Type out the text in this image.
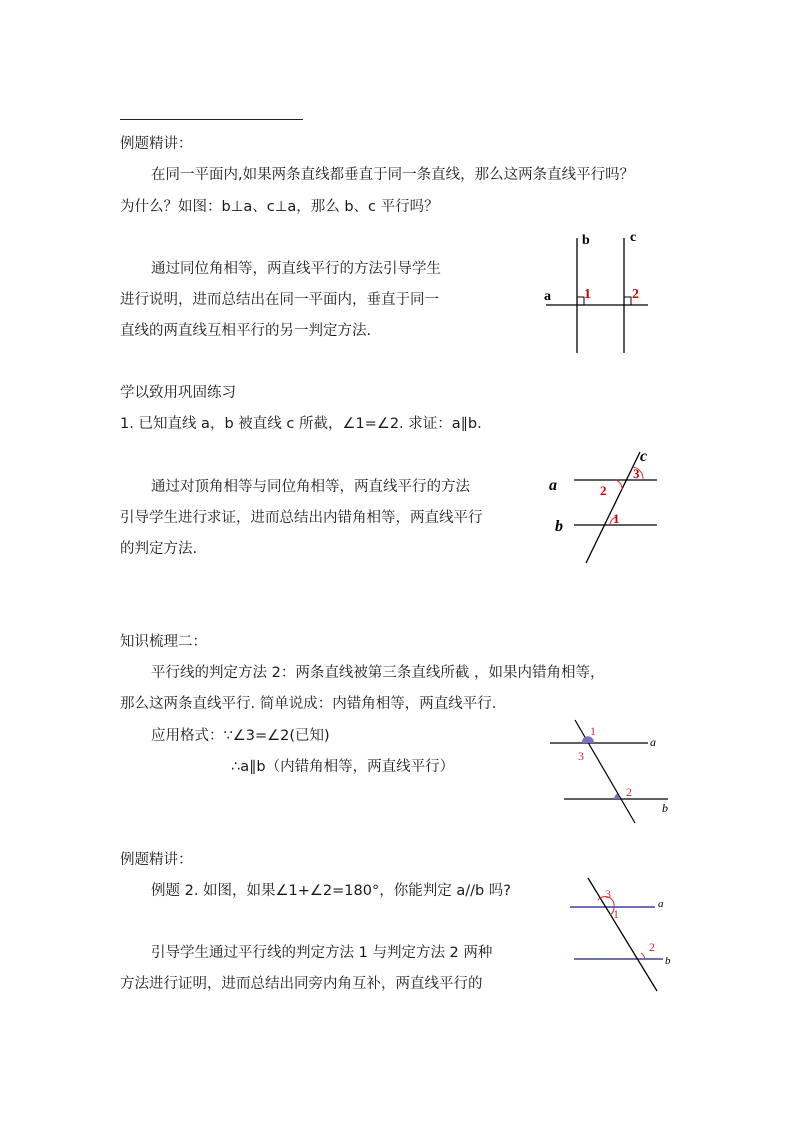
例题精讲：
在同一平面内,如果两条直线都垂直于同一条直线，那么这两条直线平行吗？
为什么？如图：b⊥a、c⊥a，那么 b、c 平行吗？
通过同位角相等，两直线平行的方法引导学生
进行说明，进而总结出在同一平面内，垂直于同一
直线的两直线互相平行的另一判定方法.
b	c
a 1	2
学以致用巩固练习
1. 已知直线 a，b 被直线 c 所截，∠1=∠2. 求证：a∥b.
通过对顶角相等与同位角相等，两直线平行的方法
引导学生进行求证，进而总结出内错角相等，两直线平行
的判定方法.
c
3
a	2
b	1
知识梳理二：
平行线的判定方法 2：两条直线被第三条直线所截 ，如果内错角相等，
那么这两条直线平行. 简单说成：内错角相等，两直线平行.
应用格式：∵∠3=∠2(已知)
∴a∥b（内错角相等，两直线平行）
1
3
2
a
b
例题精讲：
例题 2. 如图，如果∠1+∠2=180°，你能判定 a//b 吗?
引导学生通过平行线的判定方法 1 与判定方法 2 两种
方法进行证明，进而总结出同旁内角互补，两直线平行的
3
1
2
a
b
